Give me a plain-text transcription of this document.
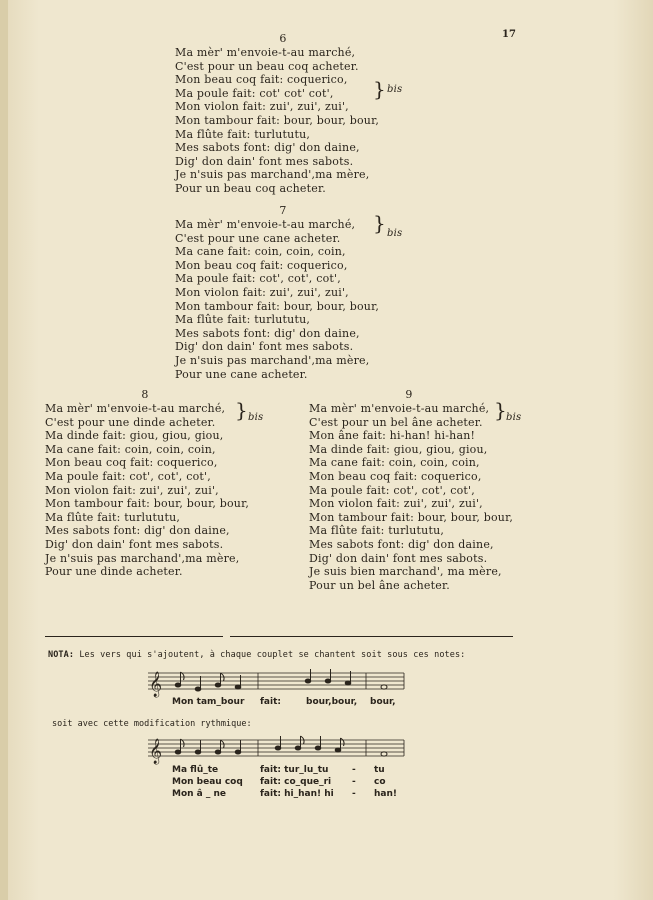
17
6
Ma mèr' m'envoie-t-au marché,
C'est pour un beau coq acheter.
Mon beau coq fait: coquerico,
Ma poule fait: cot' cot' cot',
Mon violon fait: zui', zui', zui',
Mon tambour fait: bour, bour, bour,
Ma flûte fait: turlututu,
Mes sabots font: dig' don daine,
Dig' don dain' font mes sabots.
Je n'suis pas marchand',ma mère,
Pour un beau coq acheter.
} bis
7
Ma mèr' m'envoie-t-au marché,
C'est pour une cane acheter.
Ma cane fait: coin, coin, coin,
Mon beau coq fait: coquerico,
Ma poule fait: cot', cot', cot',
Mon violon fait: zui', zui', zui',
Mon tambour fait: bour, bour, bour,
Ma flûte fait: turlututu,
Mes sabots font: dig' don daine,
Dig' don dain' font mes sabots.
Je n'suis pas marchand',ma mère,
Pour une cane acheter.
} bis
8
Ma mèr' m'envoie-t-au marché,
C'est pour une dinde acheter.
Ma dinde fait: giou, giou, giou,
Ma cane fait: coin, coin, coin,
Mon beau coq fait: coquerico,
Ma poule fait: cot', cot', cot',
Mon violon fait: zui', zui', zui',
Mon tambour fait: bour, bour, bour,
Ma flûte fait: turlututu,
Mes sabots font: dig' don daine,
Dig' don dain' font mes sabots.
Je n'suis pas marchand',ma mère,
Pour une dinde acheter.
} bis
9
Ma mèr' m'envoie-t-au marché,
C'est pour un bel âne acheter.
Mon âne fait: hi-han! hi-han!
Ma dinde fait: giou, giou, giou,
Ma cane fait: coin, coin, coin,
Mon beau coq fait: coquerico,
Ma poule fait: cot', cot', cot',
Mon violon fait: zui', zui', zui',
Mon tambour fait: bour, bour, bour,
Ma flûte fait: turlututu,
Mes sabots font: dig' don daine,
Dig' don dain' font mes sabots.
Je suis bien marchand', ma mère,
Pour un bel âne acheter.
} bis
NOTA: Les vers qui s'ajoutent, à chaque couplet se chantent soit sous ces notes:
𝄞
Mon tam_bour fait:	bour,bour, bour,
soit avec cette modification rythmique:
𝄞
Ma flû_te	fait: tur_lu_tu	- tu
Mon beau coq fait: co_que_ri - co
Mon â _ ne	fait: hi_han! hi - han!
